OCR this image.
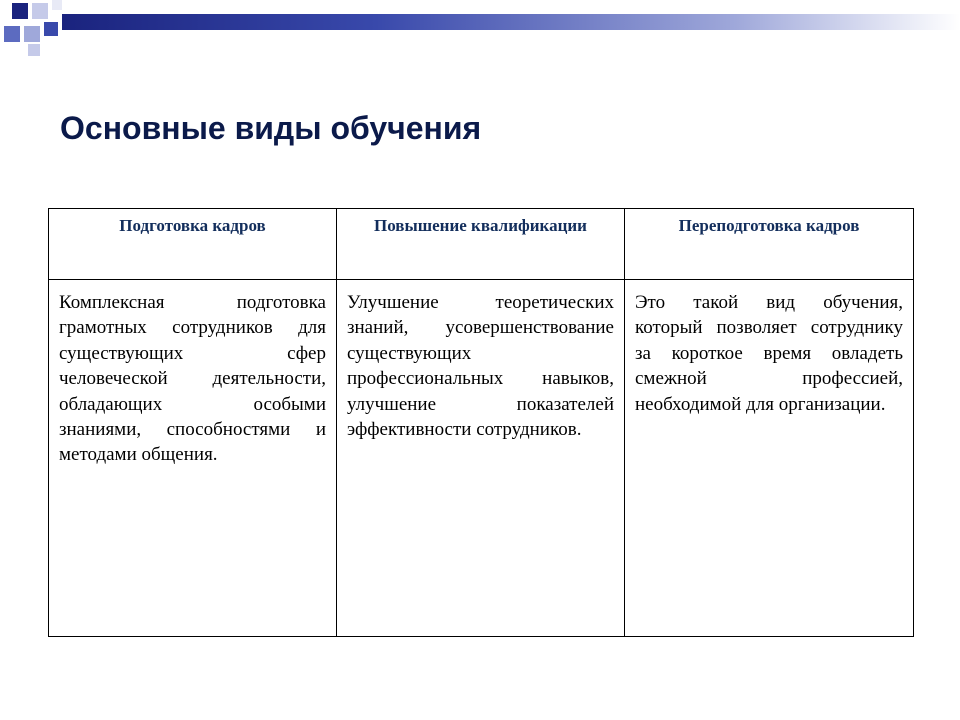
Основные виды обучения
Подготовка кадров	Повышение квалификации	Переподготовка кадров
Комплексная подготовка грамотных сотрудников для существующих сфер человеческой деятельности, обладающих особыми знаниями, способностями и методами общения.	Улучшение теоретических знаний, усовершенствование существующих профессиональных навыков, улучшение показателей эффективности сотрудников.	Это такой вид обучения, который позволяет сотруднику за короткое время овладеть смежной профессией, необходимой для организации.
